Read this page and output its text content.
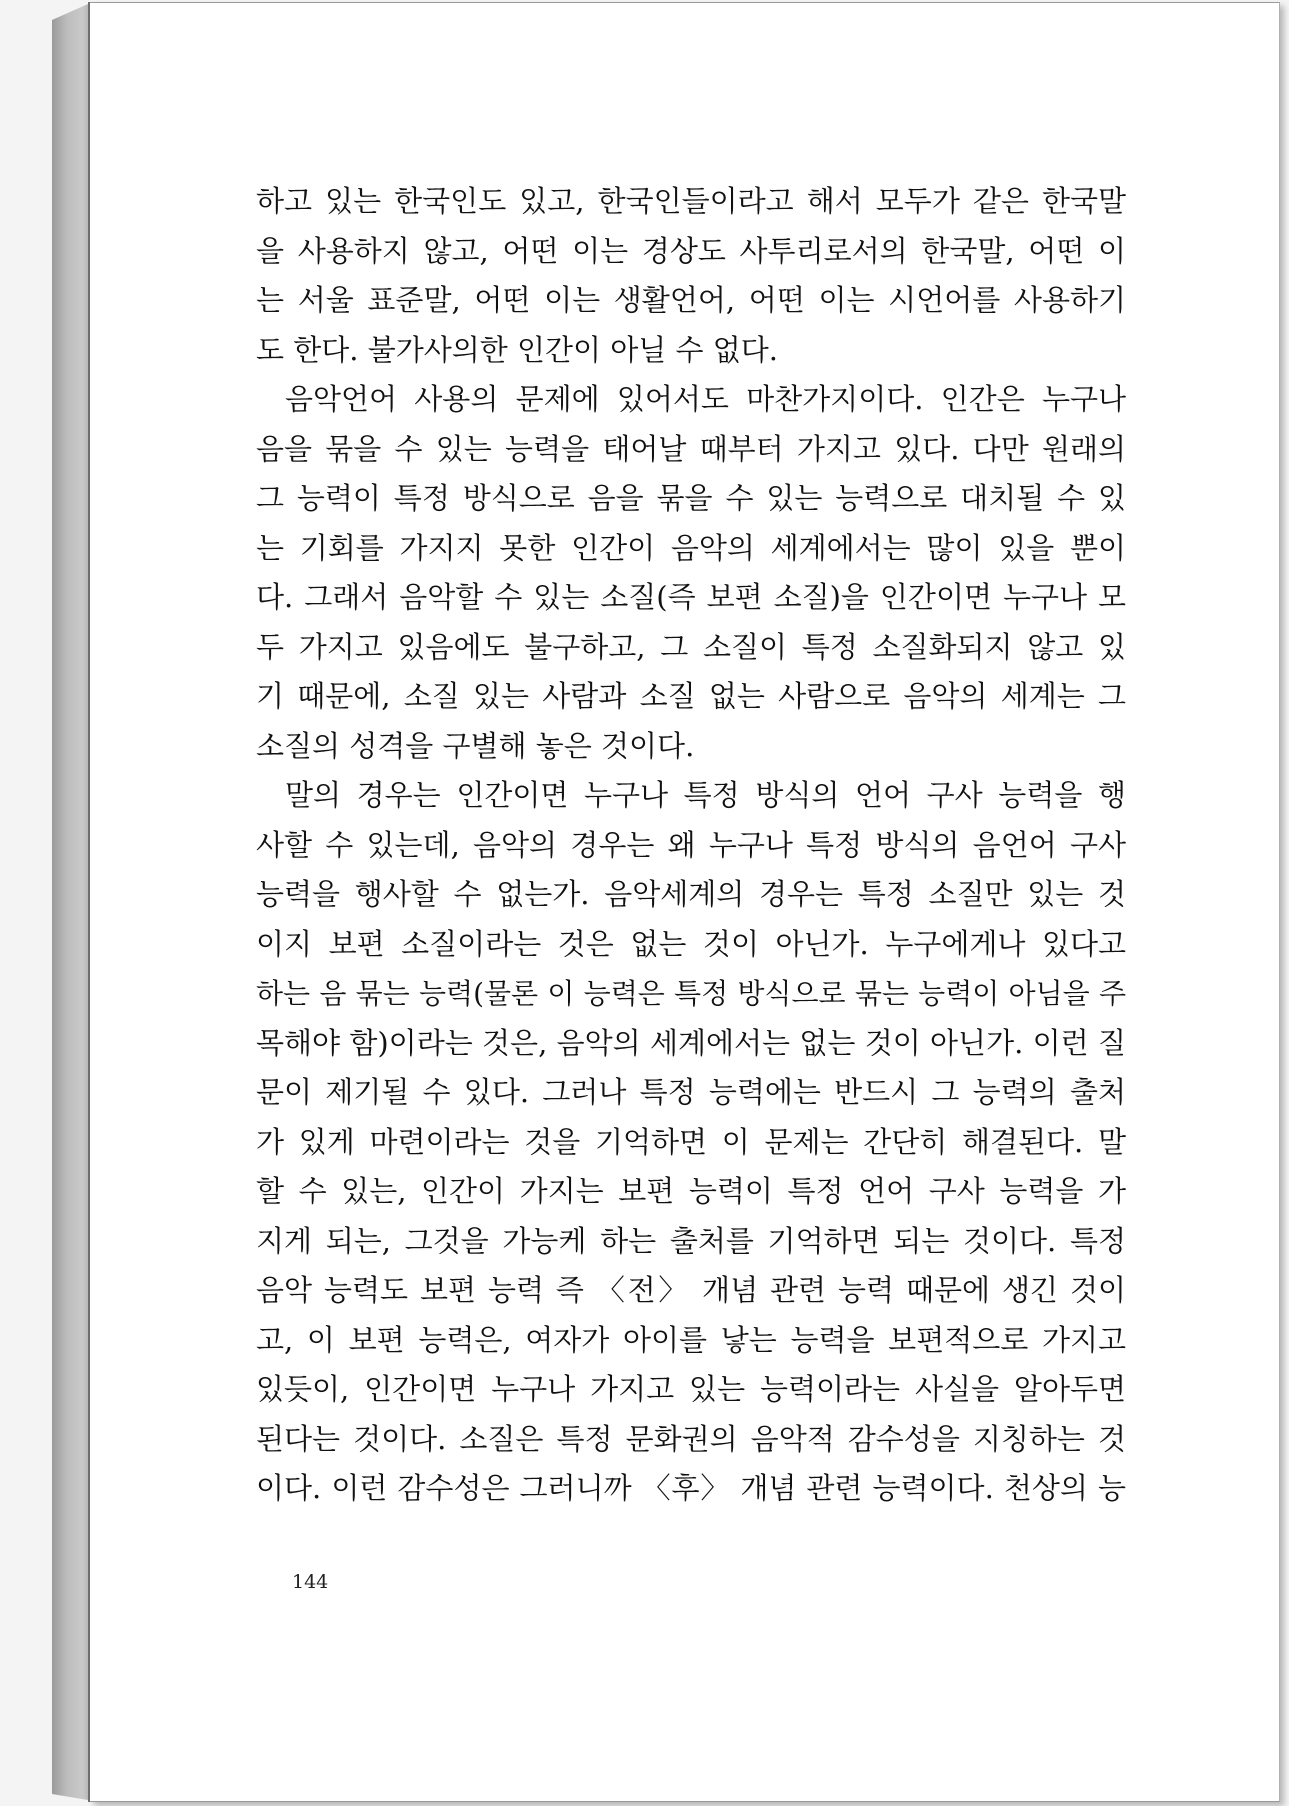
하고 있는 한국인도 있고, 한국인들이라고 해서 모두가 같은 한국말
을 사용하지 않고, 어떤 이는 경상도 사투리로서의 한국말, 어떤 이
는 서울 표준말, 어떤 이는 생활언어, 어떤 이는 시언어를 사용하기
도 한다. 불가사의한 인간이 아닐 수 없다.
음악언어 사용의 문제에 있어서도 마찬가지이다. 인간은 누구나
음을 묶을 수 있는 능력을 태어날 때부터 가지고 있다. 다만 원래의
그 능력이 특정 방식으로 음을 묶을 수 있는 능력으로 대치될 수 있
는 기회를 가지지 못한 인간이 음악의 세계에서는 많이 있을 뿐이
다. 그래서 음악할 수 있는 소질(즉 보편 소질)을 인간이면 누구나 모
두 가지고 있음에도 불구하고, 그 소질이 특정 소질화되지 않고 있
기 때문에, 소질 있는 사람과 소질 없는 사람으로 음악의 세계는 그
소질의 성격을 구별해 놓은 것이다.
말의 경우는 인간이면 누구나 특정 방식의 언어 구사 능력을 행
사할 수 있는데, 음악의 경우는 왜 누구나 특정 방식의 음언어 구사
능력을 행사할 수 없는가. 음악세계의 경우는 특정 소질만 있는 것
이지 보편 소질이라는 것은 없는 것이 아닌가. 누구에게나 있다고
하는 음 묶는 능력(물론 이 능력은 특정 방식으로 묶는 능력이 아님을 주
목해야 함)이라는 것은, 음악의 세계에서는 없는 것이 아닌가. 이런 질
문이 제기될 수 있다. 그러나 특정 능력에는 반드시 그 능력의 출처
가 있게 마련이라는 것을 기억하면 이 문제는 간단히 해결된다. 말
할 수 있는, 인간이 가지는 보편 능력이 특정 언어 구사 능력을 가
지게 되는, 그것을 가능케 하는 출처를 기억하면 되는 것이다. 특정
음악 능력도 보편 능력 즉 〈전〉 개념 관련 능력 때문에 생긴 것이
고, 이 보편 능력은, 여자가 아이를 낳는 능력을 보편적으로 가지고
있듯이, 인간이면 누구나 가지고 있는 능력이라는 사실을 알아두면
된다는 것이다. 소질은 특정 문화권의 음악적 감수성을 지칭하는 것
이다. 이런 감수성은 그러니까 〈후〉 개념 관련 능력이다. 천상의 능
144
